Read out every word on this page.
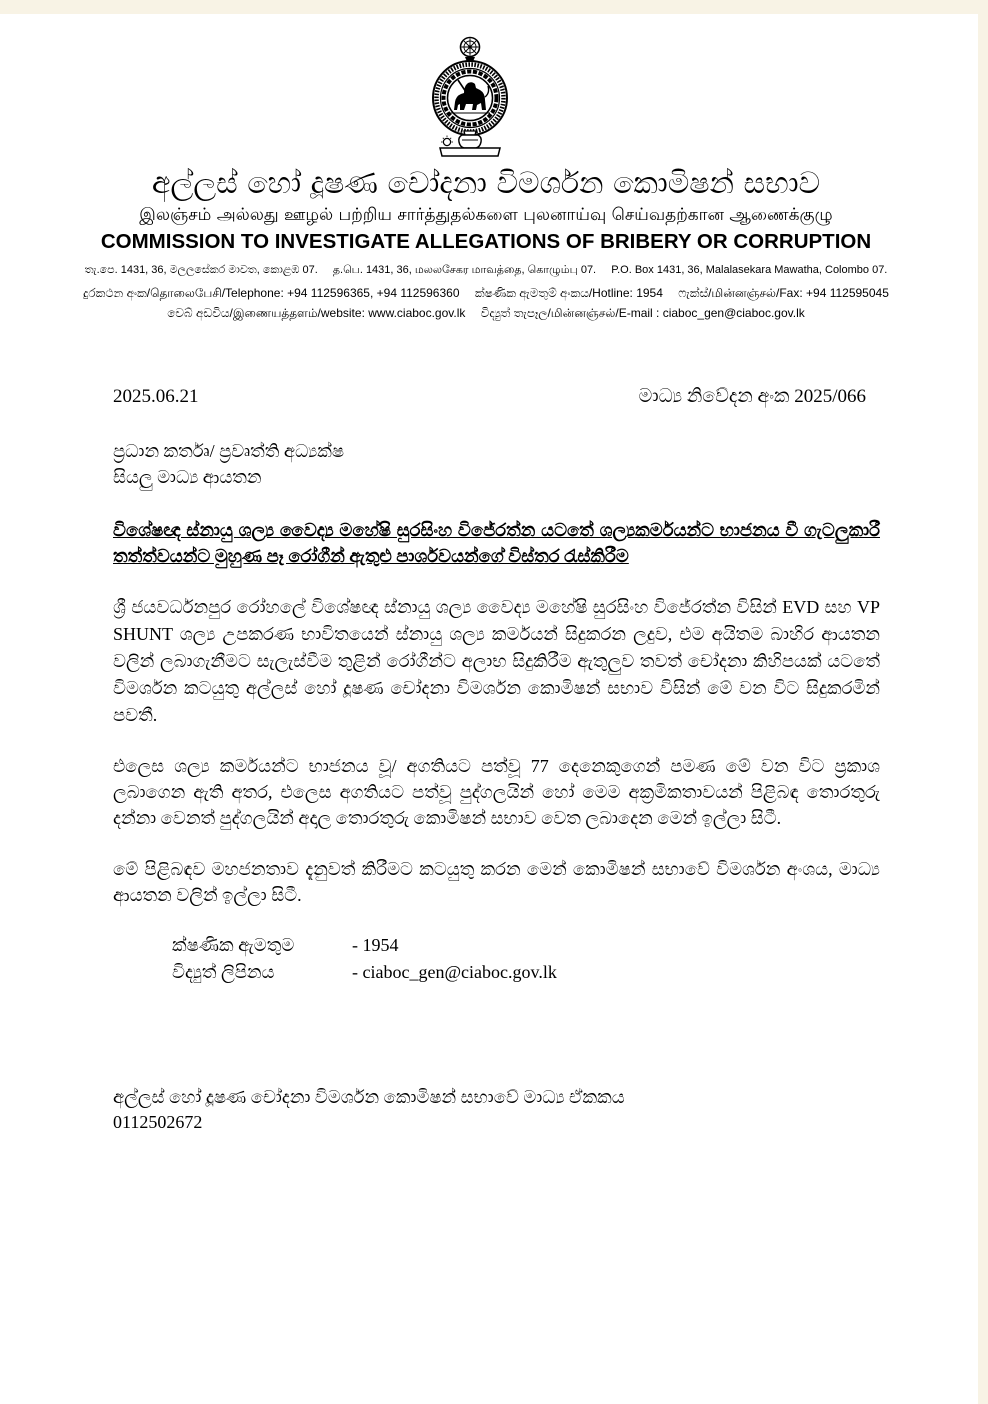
අල්ලස් හෝ දූෂණ චෝදනා විමර්ශන කොමිෂන් සභාව
இலஞ்சம் அல்லது ஊழல் பற்றிய சார்த்துதல்களை புலனாய்வு செய்வதற்கான ஆணைக்குழு
COMMISSION TO INVESTIGATE ALLEGATIONS OF BRIBERY OR CORRUPTION
තැ.පෙ. 1431, 36, මලලසේකර මාවත, කොළඹ 07. த.பெ. 1431, 36, மலலசேகர மாவத்தை, கொழும்பு 07. P.O. Box 1431, 36, Malalasekara Mawatha, Colombo 07.
දුරකථන අංක/தொலைபேசி/Telephone: +94 112596365, +94 112596360 ක්ෂණික ඇමතුම් අංකය/Hotline: 1954 ෆැක්ස්/மின்னஞ்சல்/Fax: +94 112595045
වෙබ් අඩවිය/இணையத்தளம்/website: www.ciaboc.gov.lk විද්‍යුත් තැපෑල/மின்னஞ்சல்/E-mail : ciaboc_gen@ciaboc.gov.lk
2025.06.21	මාධ්‍ය නිවේදන අංක 2025/066
ප්‍රධාන කර්තෘ/ ප්‍රවෘත්ති අධ්‍යක්ෂ
සියලු මාධ්‍ය ආයතන
විශේෂඥ ස්නායු ශල්‍ය වෛද්‍ය මහේෂි සුරසිංහ විජේරත්න යටතේ ශල්‍යකර්මයන්ට භාජනය වී ගැටලුකාරී තත්ත්වයන්ට මුහුණ පෑ රෝගීන් ඇතුළු පාර්ශවයන්ගේ විස්තර රැස්කිරීම
ශ්‍රී ජයවර්ධනපුර රෝහලේ විශේෂඥ ස්නායු ශල්‍ය වෛද්‍ය මහේෂි සුරසිංහ විජේරත්න විසින් EVD සහ VP SHUNT ශල්‍ය උපකරණ භාවිතයෙන් ස්නායු ශල්‍ය කර්මයන් සිදුකරන ලදුව, එම අයිතම බාහිර ආයතන වලින් ලබාගැනීමට සැලැස්වීම තුළින් රෝගීන්ට අලාභ සිදුකිරීම ඇතුලුව තවත් චෝදනා කිහිපයක් යටතේ විමර්ශන කටයුතු අල්ලස් හෝ දූෂණ චෝදනා විමර්ශන කොමිෂන් සභාව විසින් මේ වන විට සිදුකරමින් පවතී.
එලෙස ශල්‍ය කර්මයන්ට භාජනය වූ/ අගතියට පත්වූ 77 දෙනෙකුගෙන් පමණ මේ වන විට ප්‍රකාශ ලබාගෙන ඇති අතර, එලෙස අගතියට පත්වූ පුද්ගලයින් හෝ මෙම අක්‍රමිකතාවයන් පිළිබඳ තොරතුරු දන්නා වෙනත් පුද්ගලයින් අදාල තොරතුරු කොමිෂන් සභාව වෙත ලබාදෙන මෙන් ඉල්ලා සිටී.
මේ පිළිබඳව මහජනතාව දැනුවත් කිරීමට කටයුතු කරන මෙන් කොමිෂන් සභාවේ විමර්ශන අංශය, මාධ්‍ය ආයතන වලින් ඉල්ලා සිටී.
ක්ෂණික ඇමතුම	- 1954
විද්‍යුත් ලිපිනය	- ciaboc_gen@ciaboc.gov.lk
අල්ලස් හෝ දූෂණ චෝදනා විමර්ශන කොමිෂන් සභාවේ මාධ්‍ය ඒකකය
0112502672
